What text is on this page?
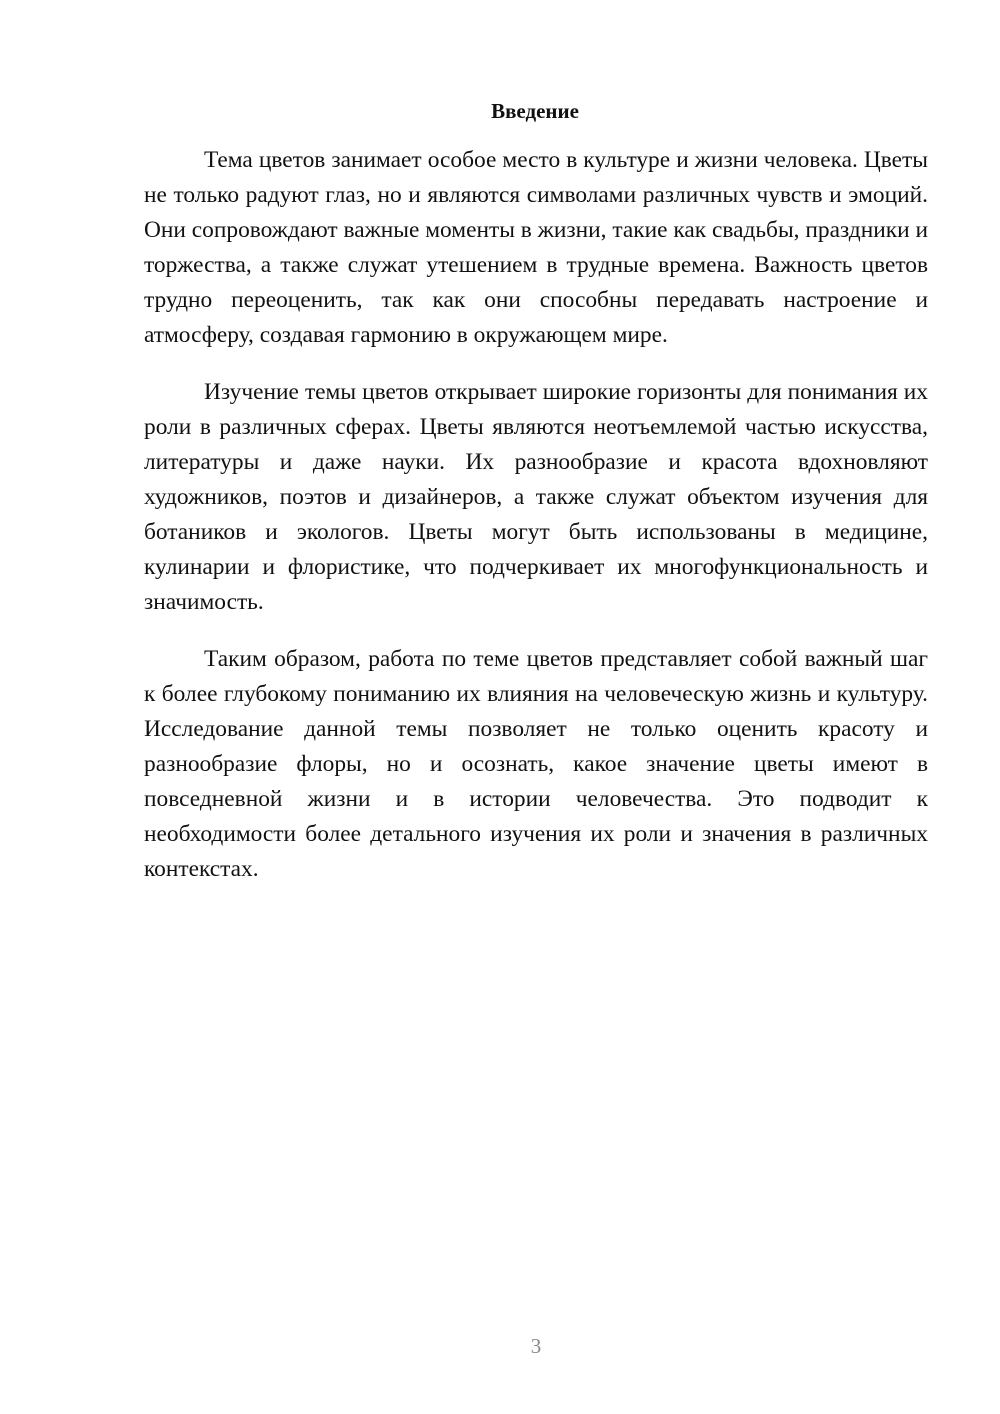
Введение

Тема цветов занимает особое место в культуре и жизни человека. Цветы не только радуют глаз, но и являются символами различных чувств и эмоций. Они сопровождают важные моменты в жизни, такие как свадьбы, праздники и торжества, а также служат утешением в трудные времена. Важность цветов трудно переоценить, так как они способны передавать настроение и атмосферу, создавая гармонию в окружающем мире.

Изучение темы цветов открывает широкие горизонты для понимания их роли в различных сферах. Цветы являются неотъемлемой частью искусства, литературы и даже науки. Их разнообразие и красота вдохновляют художников, поэтов и дизайнеров, а также служат объектом изучения для ботаников и экологов. Цветы могут быть использованы в медицине, кулинарии и флористике, что подчеркивает их многофункциональность и значимость.

Таким образом, работа по теме цветов представляет собой важный шаг к более глубокому пониманию их влияния на человеческую жизнь и культуру. Исследование данной темы позволяет не только оценить красоту и разнообразие флоры, но и осознать, какое значение цветы имеют в повседневной жизни и в истории человечества. Это подводит к необходимости более детального изучения их роли и значения в различных контекстах.

3
